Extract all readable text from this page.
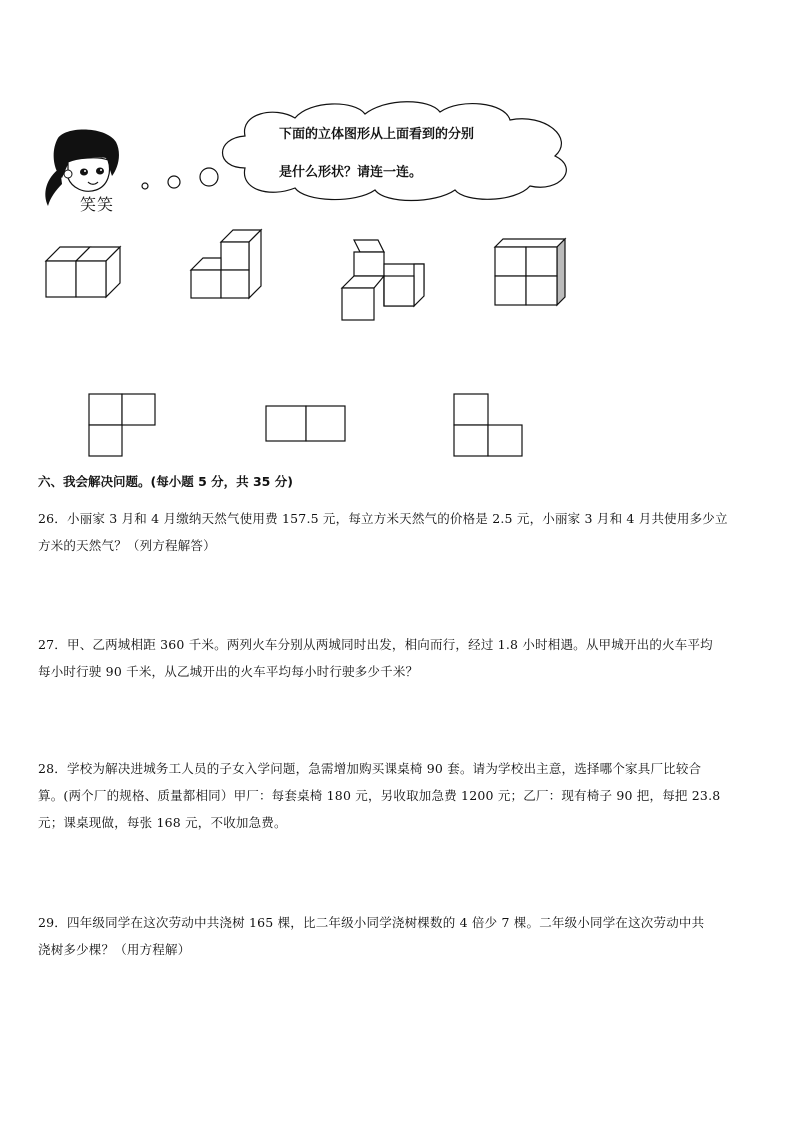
笑笑
下面的立体图形从上面看到的分别
是什么形状？请连一连。
六、我会解决问题。(每小题 5 分，共 35 分)
26．小丽家 3 月和 4 月缴纳天然气使用费 157.5 元，每立方米天然气的价格是 2.5 元，小丽家 3 月和 4 月共使用多少立
方米的天然气？（列方程解答）
27．甲、乙两城相距 360 千米。两列火车分别从两城同时出发，相向而行，经过 1.8 小时相遇。从甲城开出的火车平均
每小时行驶 90 千米，从乙城开出的火车平均每小时行驶多少千米？
28．学校为解决进城务工人员的子女入学问题，急需增加购买课桌椅 90 套。请为学校出主意，选择哪个家具厂比较合
算。(两个厂的规格、质量都相同）甲厂：每套桌椅 180 元，另收取加急费 1200 元；乙厂：现有椅子 90 把，每把 23.8
元；课桌现做，每张 168 元，不收加急费。
29．四年级同学在这次劳动中共浇树 165 棵，比二年级小同学浇树棵数的 4 倍少 7 棵。二年级小同学在这次劳动中共
浇树多少棵？（用方程解）
